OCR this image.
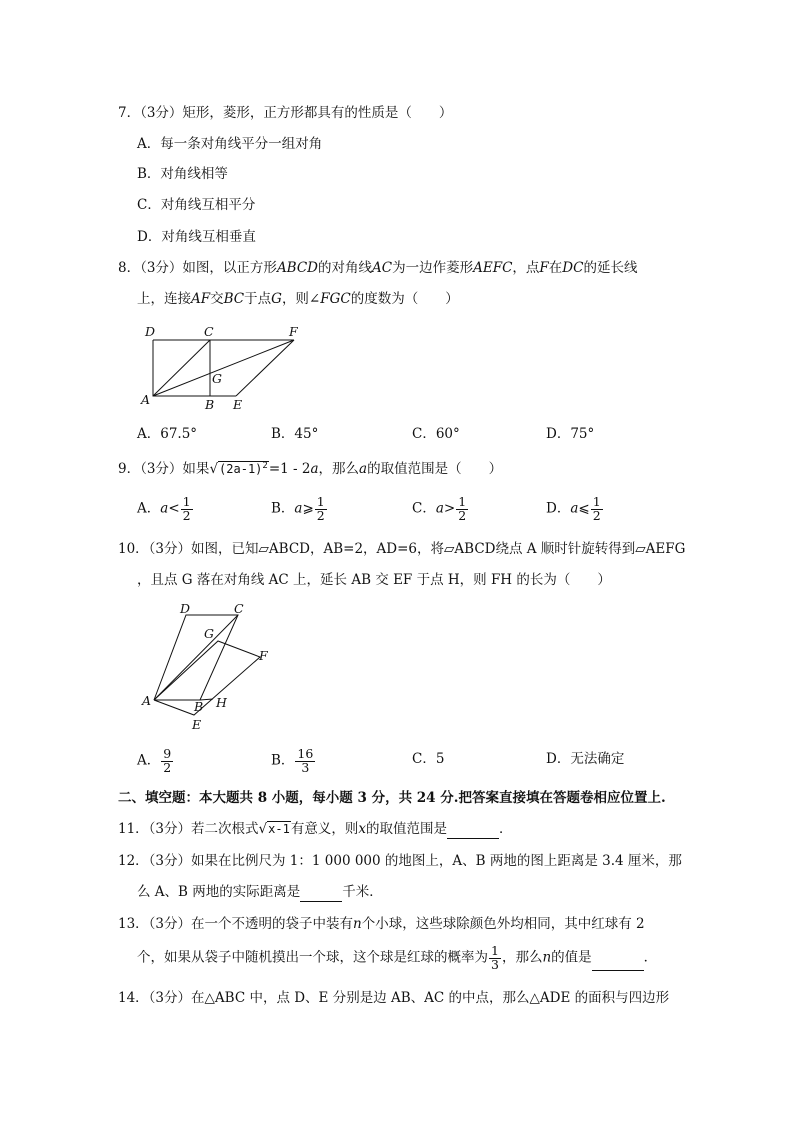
7．（3分）矩形，菱形，正方形都具有的性质是（　　）
A．每一条对角线平分一组对角
B．对角线相等
C．对角线互相平分
D．对角线互相垂直
8．（3分）如图，以正方形ABCD的对角线AC为一边作菱形AEFC，点F在DC的延长线
上，连接AF交BC于点G，则∠FGC的度数为（　　）
D	C	F
G
A	B E
A．67.5°	B．45°	C．60°	D．75°
9．（3分）如果$√(2a-1)^2=1 - 2a$，那么a的取值范围是（　　）
A．$a< \frac{1}{2}$	B．a⩾ $\frac{1}{2}$	C．$a> \frac{1}{2}$	D．a⩽ $\frac{1}{2}$
10．（3分）如图，已知▱ABCD，AB=2，AD=6，将▱ABCD绕点 A 顺时针旋转得到▱AEFG
，且点 G 落在对角线 AC 上，延长 AB 交 EF 于点 H，则 FH 的长为（　　）
D	C
G
F
A	B H
E
A． $\frac{9}{2}$	B． $\frac{16}{3}$	C．5	D．无法确定
二、填空题：本大题共 8 小题，每小题 3 分，共 24 分.把答案直接填在答题卷相应位置上.
11．（3分）若二次根式√x-1有意义，则x的取值范围是	．
12．（3分）如果在比例尺为 1：1 000 000 的地图上，A、B 两地的图上距离是 3.4 厘米，那
么 A、B 两地的实际距离是	千米．
13．（3分）在一个不透明的袋子中装有n个小球，这些球除颜色外均相同，其中红球有 2
个，如果从袋子中随机摸出一个球，这个球是红球的概率为 $\frac{1}{3}$ ，那么n的值是	．
14．（3分）在△ABC 中，点 D、E 分别是边 AB、AC 的中点，那么△ADE 的面积与四边形
